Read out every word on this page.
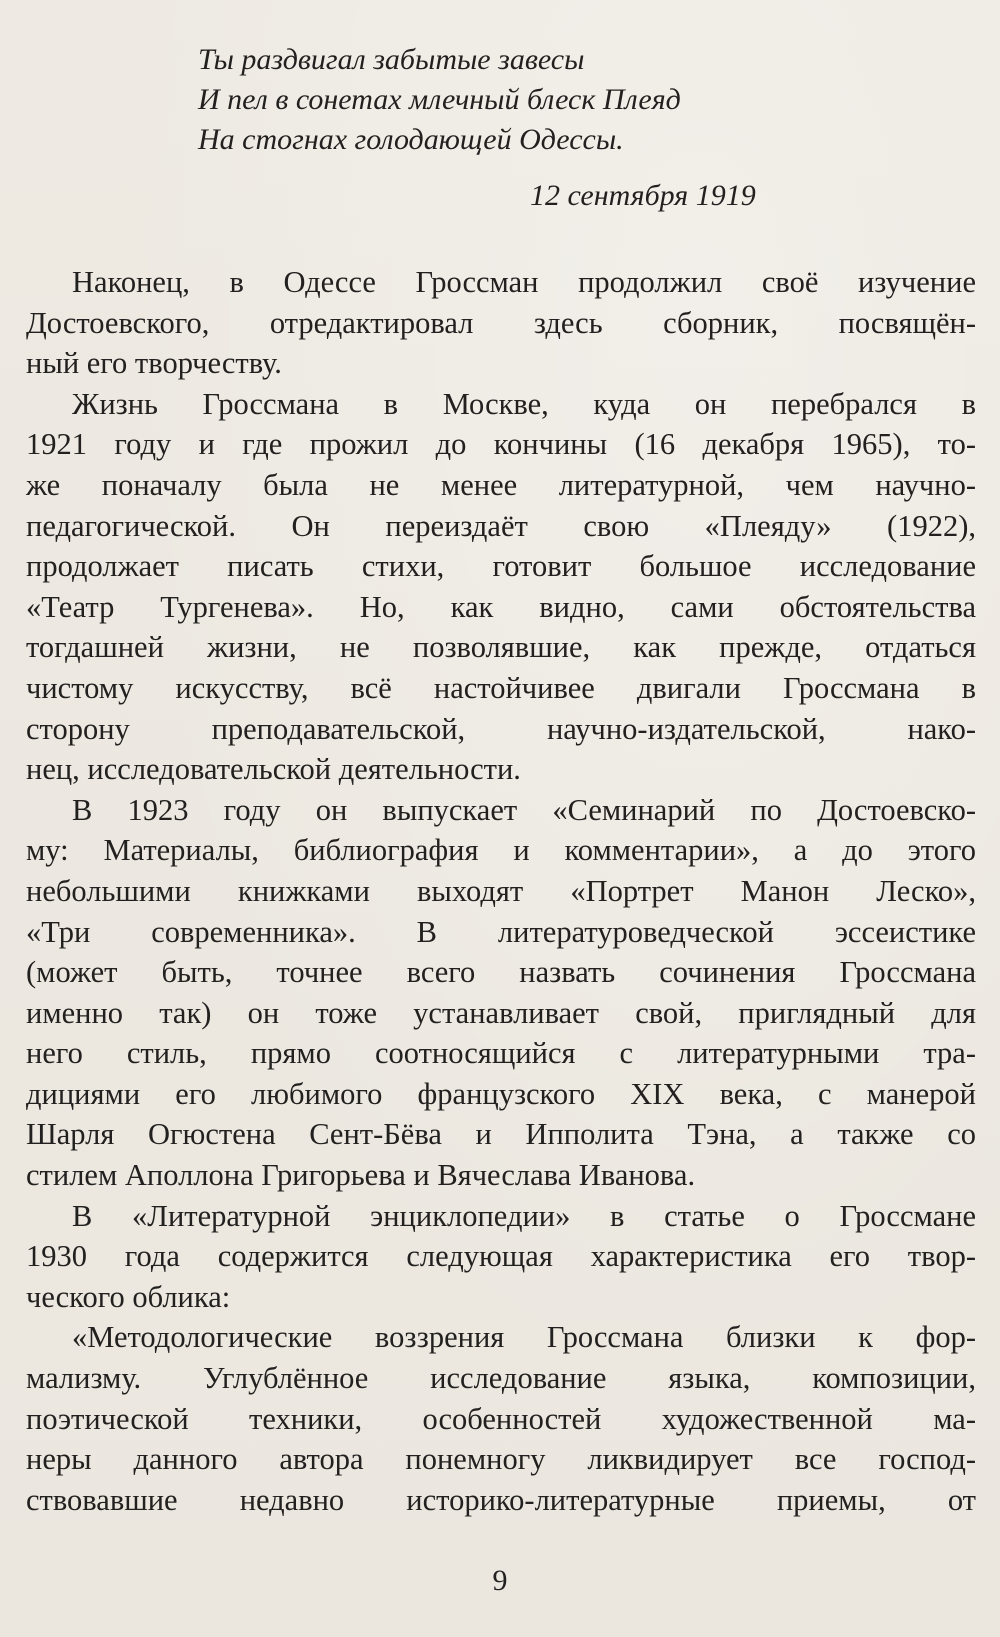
Ты раздвигал забытые завесы
И пел в сонетах млечный блеск Плеяд
На стогнах голодающей Одессы.
12 сентября 1919
Наконец, в Одессе Гроссман продолжил своё изучение
Достоевского, отредактировал здесь сборник, посвящён-
ный его творчеству.
Жизнь Гроссмана в Москве, куда он перебрался в
1921 году и где прожил до кончины (16 декабря 1965), то-
же поначалу была не менее литературной, чем научно-
педагогической. Он переиздаёт свою «Плеяду» (1922),
продолжает писать стихи, готовит большое исследование
«Театр Тургенева». Но, как видно, сами обстоятельства
тогдашней жизни, не позволявшие, как прежде, отдаться
чистому искусству, всё настойчивее двигали Гроссмана в
сторону преподавательской, научно-издательской, нако-
нец, исследовательской деятельности.
В 1923 году он выпускает «Семинарий по Достоевско-
му: Материалы, библиография и комментарии», а до этого
небольшими книжками выходят «Портрет Манон Леско»,
«Три современника». В литературоведческой эссеистике
(может быть, точнее всего назвать сочинения Гроссмана
именно так) он тоже устанавливает свой, приглядный для
него стиль, прямо соотносящийся с литературными тра-
дициями его любимого французского XIX века, с манерой
Шарля Огюстена Сент-Бёва и Ипполита Тэна, а также со
стилем Аполлона Григорьева и Вячеслава Иванова.
В «Литературной энциклопедии» в статье о Гроссмане
1930 года содержится следующая характеристика его твор-
ческого облика:
«Методологические воззрения Гроссмана близки к фор-
мализму. Углублённое исследование языка, композиции,
поэтической техники, особенностей художественной ма-
неры данного автора понемногу ликвидирует все господ-
ствовавшие недавно историко-литературные приемы, от
9
